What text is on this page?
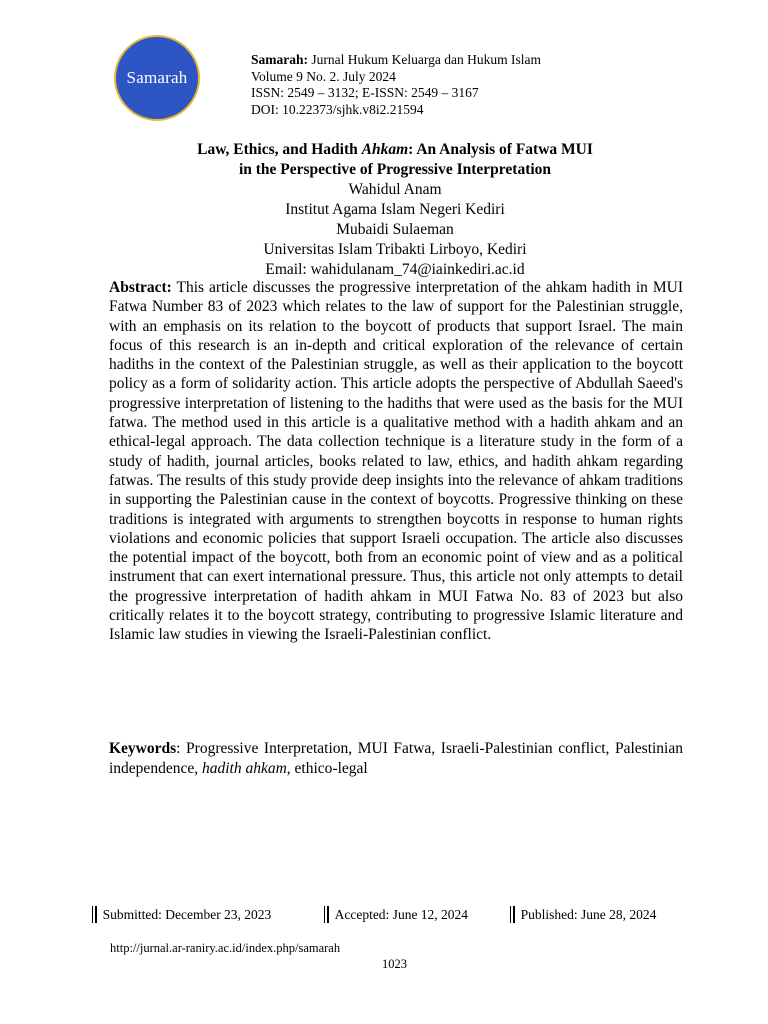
Samarah
Samarah: Jurnal Hukum Keluarga dan Hukum Islam
Volume 9 No. 2. July 2024
ISSN: 2549 – 3132; E-ISSN: 2549 – 3167
DOI: 10.22373/sjhk.v8i2.21594
Law, Ethics, and Hadith Ahkam: An Analysis of Fatwa MUI
in the Perspective of Progressive Interpretation
Wahidul Anam
Institut Agama Islam Negeri Kediri
Mubaidi Sulaeman
Universitas Islam Tribakti Lirboyo, Kediri
Email: wahidulanam_74@iainkediri.ac.id
Abstract: This article discusses the progressive interpretation of the ahkam hadith in MUI Fatwa Number 83 of 2023 which relates to the law of support for the Palestinian struggle, with an emphasis on its relation to the boycott of products that support Israel. The main focus of this research is an in-depth and critical exploration of the relevance of certain hadiths in the context of the Palestinian struggle, as well as their application to the boycott policy as a form of solidarity action. This article adopts the perspective of Abdullah Saeed's progressive interpretation of listening to the hadiths that were used as the basis for the MUI fatwa. The method used in this article is a qualitative method with a hadith ahkam and an ethical-legal approach. The data collection technique is a literature study in the form of a study of hadith, journal articles, books related to law, ethics, and hadith ahkam regarding fatwas. The results of this study provide deep insights into the relevance of ahkam traditions in supporting the Palestinian cause in the context of boycotts. Progressive thinking on these traditions is integrated with arguments to strengthen boycotts in response to human rights violations and economic policies that support Israeli occupation. The article also discusses the potential impact of the boycott, both from an economic point of view and as a political instrument that can exert international pressure. Thus, this article not only attempts to detail the progressive interpretation of hadith ahkam in MUI Fatwa No. 83 of 2023 but also critically relates it to the boycott strategy, contributing to progressive Islamic literature and Islamic law studies in viewing the Israeli-Palestinian conflict.
Keywords: Progressive Interpretation, MUI Fatwa, Israeli-Palestinian conflict, Palestinian independence, hadith ahkam, ethico-legal
Submitted: December 23, 2023	Accepted: June 12, 2024	Published: June 28, 2024
http://jurnal.ar-raniry.ac.id/index.php/samarah
1023
